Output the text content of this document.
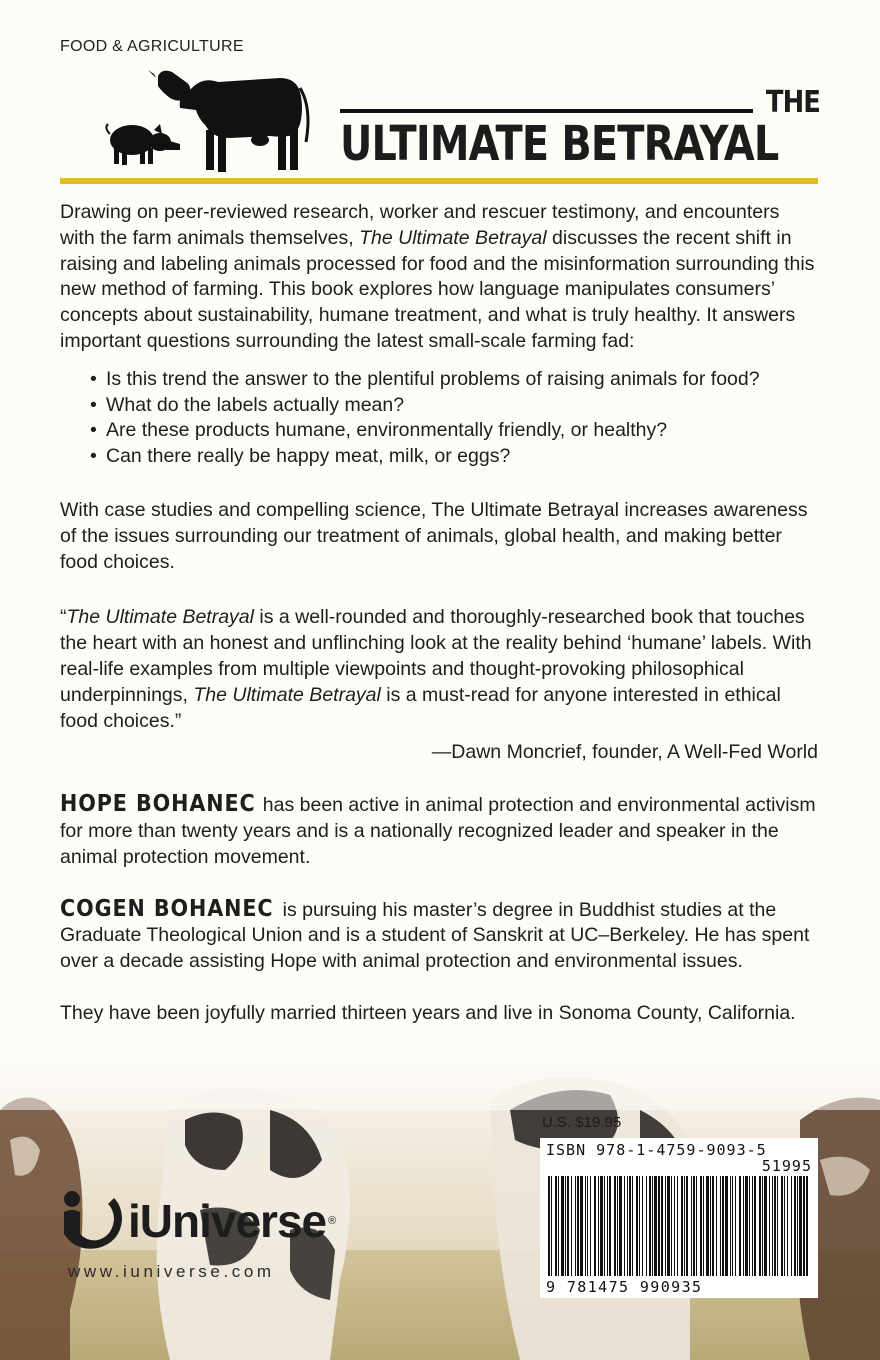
FOOD & AGRICULTURE
THE
ULTIMATE BETRAYAL

Drawing on peer-reviewed research, worker and rescuer testimony, and encounters with the farm animals themselves, The Ultimate Betrayal discusses the recent shift in raising and labeling animals processed for food and the misinformation surrounding this new method of farming. This book explores how language manipulates consumers’ concepts about sustainability, humane treatment, and what is truly healthy. It answers important questions surrounding the latest small-scale farming fad:

• Is this trend the answer to the plentiful problems of raising animals for food?
• What do the labels actually mean?
• Are these products humane, environmentally friendly, or healthy?
• Can there really be happy meat, milk, or eggs?

With case studies and compelling science, The Ultimate Betrayal increases awareness of the issues surrounding our treatment of animals, global health, and making better food choices.

“The Ultimate Betrayal is a well-rounded and thoroughly-researched book that touches the heart with an honest and unflinching look at the reality behind ‘humane’ labels. With real-life examples from multiple viewpoints and thought-provoking philosophical underpinnings, The Ultimate Betrayal is a must-read for anyone interested in ethical food choices.”

—Dawn Moncrief, founder, A Well-Fed World

HOPE BOHANEC has been active in animal protection and environmental activism for more than twenty years and is a nationally recognized leader and speaker in the animal protection movement.

COGEN BOHANEC is pursuing his master’s degree in Buddhist studies at the Graduate Theological Union and is a student of Sanskrit at UC–Berkeley. He has spent over a decade assisting Hope with animal protection and environmental issues.

They have been joyfully married thirteen years and live in Sonoma County, California.

iUniverse ®
www.iuniverse.com
U.S. $19.95
ISBN 978-1-4759-9093-5
51995
9 781475 990935
